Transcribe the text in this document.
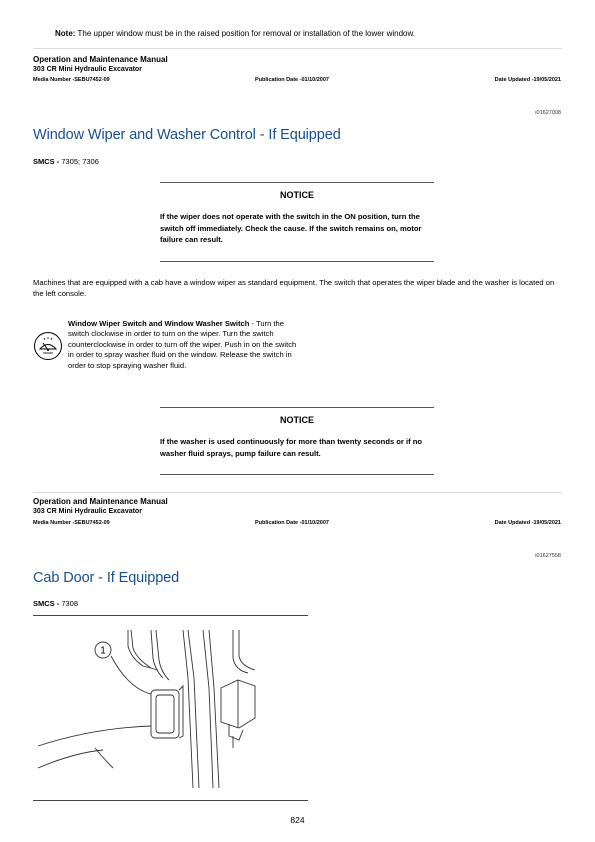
Note: The upper window must be in the raised position for removal or installation of the lower window.
Operation and Maintenance Manual
303 CR Mini Hydraulic Excavator
Media Number -SEBU7452-09	Publication Date -01/10/2007	Date Updated -19/05/2021
i01627008
Window Wiper and Washer Control - If Equipped
SMCS - 7305; 7306
NOTICE
If the wiper does not operate with the switch in the ON position, turn the switch off immediately. Check the cause. If the switch remains on, motor failure can result.
Machines that are equipped with a cab have a window wiper as standard equipment. The switch that operates the wiper blade and the washer is located on the left console.
Window Wiper Switch and Window Washer Switch - Turn the switch clockwise in order to turn on the wiper. Turn the switch counterclockwise in order to turn off the wiper. Push in on the switch in order to spray washer fluid on the window. Release the switch in order to stop spraying washer fluid.
NOTICE
If the washer is used continuously for more than twenty seconds or if no washer fluid sprays, pump failure can result.
Operation and Maintenance Manual
303 CR Mini Hydraulic Excavator
Media Number -SEBU7452-09	Publication Date -01/10/2007	Date Updated -19/05/2021
i01627558
Cab Door - If Equipped
SMCS - 7308
1
824
